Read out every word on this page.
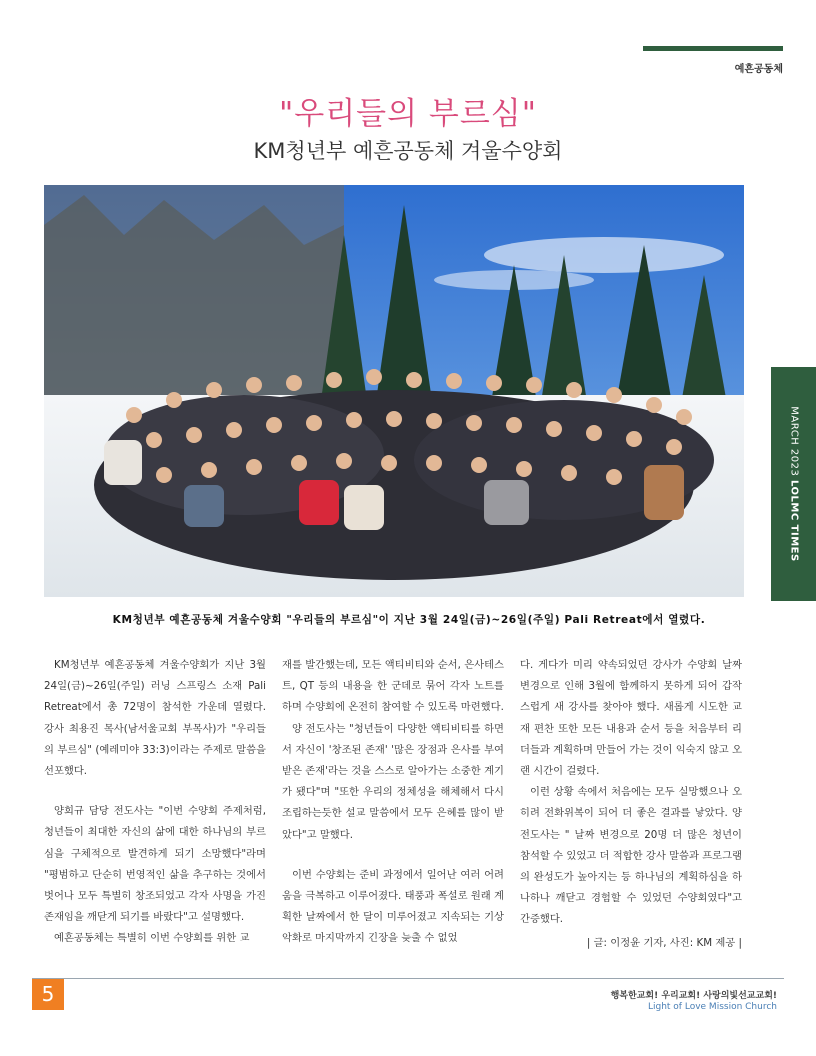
예흔공동체
"우리들의 부르심"
KM청년부 예흔공동체 겨울수양회
MARCH 2023 LOLMC TIMES
KM청년부 예흔공동체 겨울수양회 "우리들의 부르심"이 지난 3월 24일(금)~26일(주일) Pali Retreat에서 열렸다.

KM청년부 예흔공동체 겨울수양회가 지난 3월 24일(금)~26일(주일) 러닝 스프링스 소재 Pali Retreat에서 총 72명이 참석한 가운데 열렸다. 강사 최용진 목사(남서울교회 부목사)가 "우리들의 부르심" (예레미야 33:3)이라는 주제로 말씀을 선포했다.

양희규 담당 전도사는 "이번 수양회 주제처럼, 청년들이 최대한 자신의 삶에 대한 하나님의 부르심을 구체적으로 발견하게 되기 소망했다"라며 "평범하고 단순히 번영적인 삶을 추구하는 것에서 벗어나 모두 특별히 창조되었고 각자 사명을 가진 존재임을 깨닫게 되기를 바랐다"고 설명했다.

예흔공동체는 특별히 이번 수양회를 위한 교

재를 발간했는데, 모든 액티비티와 순서, 은사테스트, QT 등의 내용을 한 군데로 묶어 각자 노트를 하며 수양회에 온전히 참여할 수 있도록 마련했다.

양 전도사는 "청년들이 다양한 액티비티를 하면서 자신이 '창조된 존재' '많은 장점과 은사를 부여받은 존재'라는 것을 스스로 알아가는 소중한 계기가 됐다"며 "또한 우리의 정체성을 해체해서 다시 조립하는듯한 설교 말씀에서 모두 은혜를 많이 받았다"고 말했다.

이번 수양회는 준비 과정에서 일어난 여러 어려움을 극복하고 이루어졌다. 태풍과 폭설로 원래 계획한 날짜에서 한 달이 미루어졌고 지속되는 기상 악화로 마지막까지 긴장을 늦출 수 없었

다. 게다가 미리 약속되었던 강사가 수양회 날짜 변경으로 인해 3월에 함께하지 못하게 되어 갑작스럽게 새 강사를 찾아야 했다. 새롭게 시도한 교재 편찬 또한 모든 내용과 순서 등을 처음부터 리더들과 계획하며 만들어 가는 것이 익숙지 않고 오랜 시간이 걸렸다.

이런 상황 속에서 처음에는 모두 실망했으나 오히려 전화위복이 되어 더 좋은 결과를 낳았다. 양 전도사는 " 날짜 변경으로 20명 더 많은 청년이 참석할 수 있었고 더 적합한 강사 말씀과 프로그램의 완성도가 높아지는 등 하나님의 계획하심을 하나하나 깨닫고 경험할 수 있었던 수양회였다"고 간증했다.

| 글: 이정윤 기자, 사진: KM 제공 |
5	행복한교회! 우리교회! 사랑의빛선교교회!
Light of Love Mission Church
